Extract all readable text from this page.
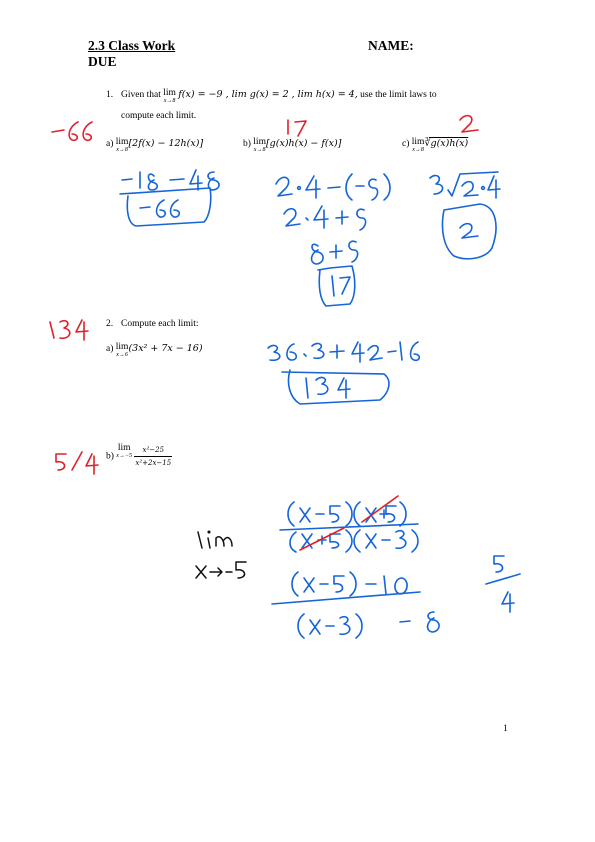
2.3 Class Work
DUE
NAME:
1. Given that lim
x→8
f(x) = −9 , lim g(x) = 2 , lim h(x) = 4, use the limit laws to
compute each limit.
a) lim
x→8
[2f(x) − 12h(x)]	b) lim
x→8
[g(x)h(x) − f(x)]	c) lim
x→8
∛g(x)h(x)
2. Compute each limit:
a) lim
x→6
(3x² + 7x − 16)
b) lim
x→−5
$\frac{\text{x²−25}}{\text{x²+2x−15}}$
1
